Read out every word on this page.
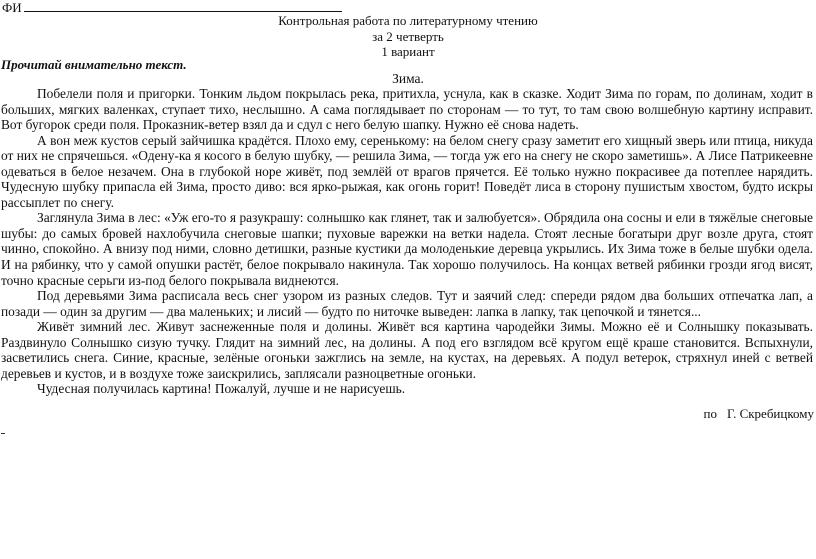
ФИ
Контрольная работа по литературному чтению
за 2 четверть
1 вариант
Прочитай внимательно текст.
Зима.

Побелели поля и пригорки. Тонким льдом покрылась река, притихла, уснула, как в сказке. Ходит Зима по горам, по долинам, ходит в больших, мягких валенках, ступает тихо, неслышно. А сама поглядывает по сторонам — то тут, то там свою волшебную картину исправит. Вот бугорок среди поля. Проказник-ветер взял да и сдул с него белую шапку. Нужно её снова надеть.

А вон меж кустов серый зайчишка крадётся. Плохо ему, серенькому: на белом снегу сразу заметит его хищный зверь или птица, никуда от них не спрячешься. «Одену-ка я косого в белую шубку, — решила Зима, — тогда уж его на снегу не скоро заметишь». А Лисе Патрикеевне одеваться в белое незачем. Она в глубокой норе живёт, под землёй от врагов прячется. Её только нужно покрасивее да потеплее нарядить. Чудесную шубку припасла ей Зима, просто диво: вся ярко-рыжая, как огонь горит! Поведёт лиса в сторону пушистым хвостом, будто искры рассыплет по снегу.

Заглянула Зима в лес: «Уж его-то я разукрашу: солнышко как глянет, так и залюбуется». Обрядила она сосны и ели в тяжёлые снеговые шубы: до самых бровей нахлобучила снеговые шапки; пуховые варежки на ветки надела. Стоят лесные богатыри друг возле друга, стоят чинно, спокойно. А внизу под ними, словно детишки, разные кустики да молоденькие деревца укрылись. Их Зима тоже в белые шубки одела. И на рябинку, что у самой опушки растёт, белое покрывало накинула. Так хорошо получилось. На концах ветвей рябинки грозди ягод висят, точно красные серьги из-под белого покрывала виднеются.

Под деревьями Зима расписала весь снег узором из разных следов. Тут и заячий след: спереди рядом два больших отпечатка лап, а позади — один за другим — два маленьких; и лисий — будто по ниточке выведен: лапка в лапку, так цепочкой и тянется...

Живёт зимний лес. Живут заснеженные поля и долины. Живёт вся картина чародейки Зимы. Можно её и Солнышку показывать. Раздвинуло Солнышко сизую тучку. Глядит на зимний лес, на долины. А под его взглядом всё кругом ещё краше становится. Вспыхнули, засветились снега. Синие, красные, зелёные огоньки зажглись на земле, на кустах, на деревьях. А подул ветерок, стряхнул иней с ветвей деревьев и кустов, и в воздухе тоже заискрились, заплясали разноцветные огоньки.

Чудесная получилась картина! Пожалуй, лучше и не нарисуешь.

по Г. Скребицкому
